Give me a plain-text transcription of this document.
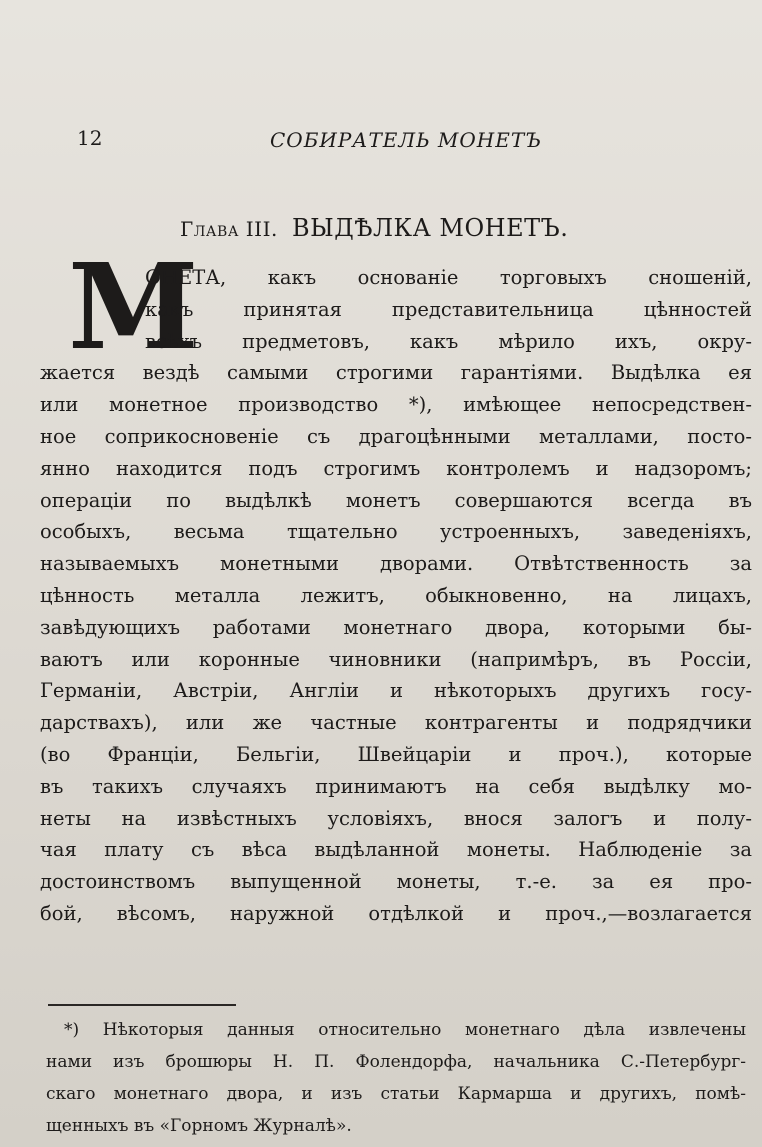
12	СОБИРАТЕЛЬ МОНЕТЪ
Глава III. ВЫДѢЛКА МОНЕТЪ.
М
ОНЕТА, какъ основаніе торговыхъ сношеній,
какъ принятая представительница цѣнностей
всѣхъ предметовъ, какъ мѣрило ихъ, окру-
жается вездѣ самыми строгими гарантіями. Выдѣлка ея
или монетное производство *), имѣющее непосредствен-
ное соприкосновеніе съ драгоцѣнными металлами, посто-
янно находится подъ строгимъ контролемъ и надзоромъ;
операціи по выдѣлкѣ монетъ совершаются всегда въ
особыхъ, весьма тщательно устроенныхъ, заведеніяхъ,
называемыхъ монетными дворами. Отвѣтственность за
цѣнность металла лежитъ, обыкновенно, на лицахъ,
завѣдующихъ работами монетнаго двора, которыми бы-
ваютъ или коронные чиновники (напримѣръ, въ Россіи,
Германіи, Австріи, Англіи и нѣкоторыхъ другихъ госу-
дарствахъ), или же частные контрагенты и подрядчики
(во Франціи, Бельгіи, Швейцаріи и проч.), которые
въ такихъ случаяхъ принимаютъ на себя выдѣлку мо-
неты на извѣстныхъ условіяхъ, внося залогъ и полу-
чая плату съ вѣса выдѣланной монеты. Наблюденіе за
достоинствомъ выпущенной монеты, т.-е. за ея про-
бой, вѣсомъ, наружной отдѣлкой и проч.,—возлагается
*) Нѣкоторыя данныя относительно монетнаго дѣла извлечены
нами изъ брошюры Н. П. Фолендорфа, начальника С.-Петербург-
скаго монетнаго двора, и изъ статьи Кармарша и другихъ, помѣ-
щенныхъ въ «Горномъ Журналѣ».
